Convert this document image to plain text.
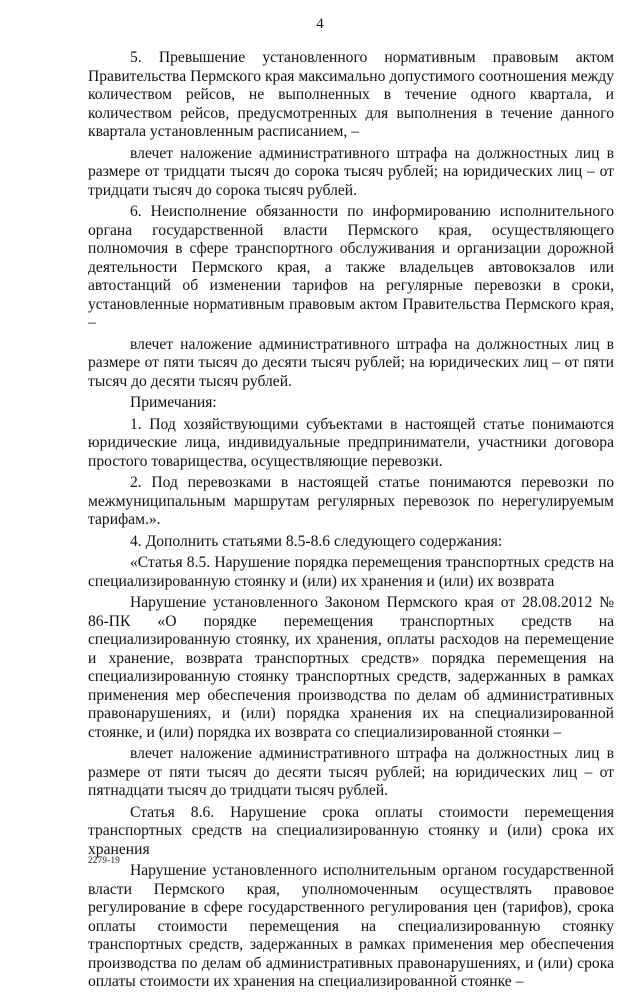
4

5. Превышение установленного нормативным правовым актом Правительства Пермского края максимально допустимого соотношения между количеством рейсов, не выполненных в течение одного квартала, и количеством рейсов, предусмотренных для выполнения в течение данного квартала установленным расписанием, –

влечет наложение административного штрафа на должностных лиц в размере от тридцати тысяч до сорока тысяч рублей; на юридических лиц – от тридцати тысяч до сорока тысяч рублей.

6. Неисполнение обязанности по информированию исполнительного органа государственной власти Пермского края, осуществляющего полномочия в сфере транспортного обслуживания и организации дорожной деятельности Пермского края, а также владельцев автовокзалов или автостанций об изменении тарифов на регулярные перевозки в сроки, установленные нормативным правовым актом Правительства Пермского края, –

влечет наложение административного штрафа на должностных лиц в размере от пяти тысяч до десяти тысяч рублей; на юридических лиц – от пяти тысяч до десяти тысяч рублей.

Примечания:

1. Под хозяйствующими субъектами в настоящей статье понимаются юридические лица, индивидуальные предприниматели, участники договора простого товарищества, осуществляющие перевозки.

2. Под перевозками в настоящей статье понимаются перевозки по межмуниципальным маршрутам регулярных перевозок по нерегулируемым тарифам.».

4. Дополнить статьями 8.5-8.6 следующего содержания:

«Статья 8.5. Нарушение порядка перемещения транспортных средств на специализированную стоянку и (или) их хранения и (или) их возврата

Нарушение установленного Законом Пермского края от 28.08.2012 № 86-ПК «О порядке перемещения транспортных средств на специализированную стоянку, их хранения, оплаты расходов на перемещение и хранение, возврата транспортных средств» порядка перемещения на специализированную стоянку транспортных средств, задержанных в рамках применения мер обеспечения производства по делам об административных правонарушениях, и (или) порядка хранения их на специализированной стоянке, и (или) порядка их возврата со специализированной стоянки –

влечет наложение административного штрафа на должностных лиц в размере от пяти тысяч до десяти тысяч рублей; на юридических лиц – от пятнадцати тысяч до тридцати тысяч рублей.

Статья 8.6. Нарушение срока оплаты стоимости перемещения транспортных средств на специализированную стоянку и (или) срока их хранения

Нарушение установленного исполнительным органом государственной власти Пермского края, уполномоченным осуществлять правовое регулирование в сфере государственного регулирования цен (тарифов), срока оплаты стоимости перемещения на специализированную стоянку транспортных средств, задержанных в рамках применения мер обеспечения производства по делам об административных правонарушениях, и (или) срока оплаты стоимости их хранения на специализированной стоянке –

2279-19
